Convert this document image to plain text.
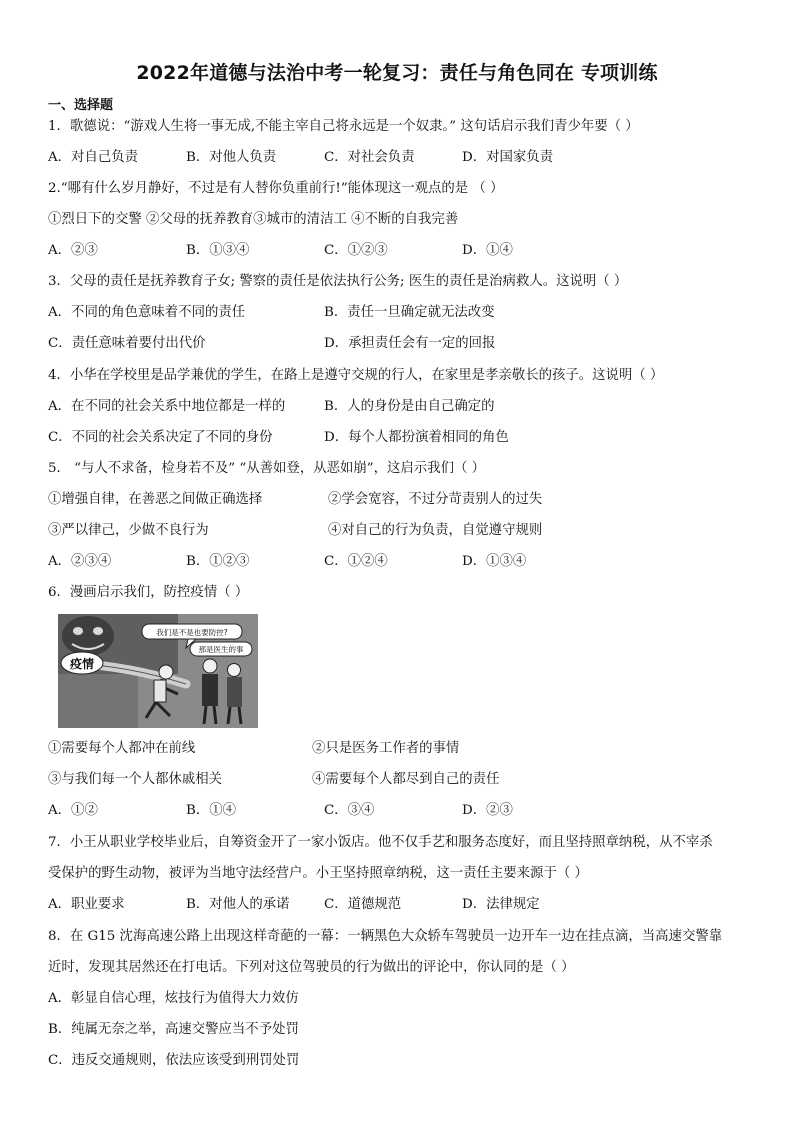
2022年道德与法治中考一轮复习：责任与角色同在 专项训练
一、选择题
1．歌德说：“游戏人生将一事无成,不能主宰自己将永远是一个奴隶。” 这句话启示我们青少年要（ ）
A．对自己负责	B．对他人负责	C．对社会负责	D．对国家负责
2.“哪有什么岁月静好，不过是有人替你负重前行!”能体现这一观点的是 （ ）
①烈日下的交警 ②父母的抚养教育③城市的清洁工 ④不断的自我完善
A．②③	B．①③④	C．①②③	D．①④
3．父母的责任是抚养教育子女; 警察的责任是依法执行公务; 医生的责任是治病救人。这说明（ ）
A．不同的角色意味着不同的责任	B．责任一旦确定就无法改变
C．责任意味着要付出代价	D．承担责任会有一定的回报
4．小华在学校里是品学兼优的学生，在路上是遵守交规的行人，在家里是孝亲敬长的孩子。这说明（ ）
A．在不同的社会关系中地位都是一样的	B．人的身份是由自己确定的
C．不同的社会关系决定了不同的身份	D．每个人都扮演着相同的角色
5． “与人不求备，检身若不及” “从善如登，从恶如崩”，这启示我们（ ）
①增强自律，在善恶之间做正确选择	②学会宽容，不过分苛责别人的过失
③严以律己，少做不良行为	④对自己的行为负责，自觉遵守规则
A．②③④	B．①②③	C．①②④	D．①③④
6．漫画启示我们，防控疫情（ ）
疫情
我们是不是也要防控?
那是医生的事
①需要每个人都冲在前线	②只是医务工作者的事情
③与我们每一个人都休戚相关	④需要每个人都尽到自己的责任
A．①②	B．①④	C．③④	D．②③
7．小王从职业学校毕业后，自筹资金开了一家小饭店。他不仅手艺和服务态度好，而且坚持照章纳税，从不宰杀
受保护的野生动物，被评为当地守法经营户。小王坚持照章纳税，这一责任主要来源于（ ）
A．职业要求	B．对他人的承诺	C．道德规范	D．法律规定
8．在 G15 沈海高速公路上出现这样奇葩的一幕：一辆黑色大众轿车驾驶员一边开车一边在挂点滴，当高速交警靠
近时，发现其居然还在打电话。下列对这位驾驶员的行为做出的评论中，你认同的是（ ）
A．彰显自信心理，炫技行为值得大力效仿
B．纯属无奈之举，高速交警应当不予处罚
C．违反交通规则，依法应该受到刑罚处罚
